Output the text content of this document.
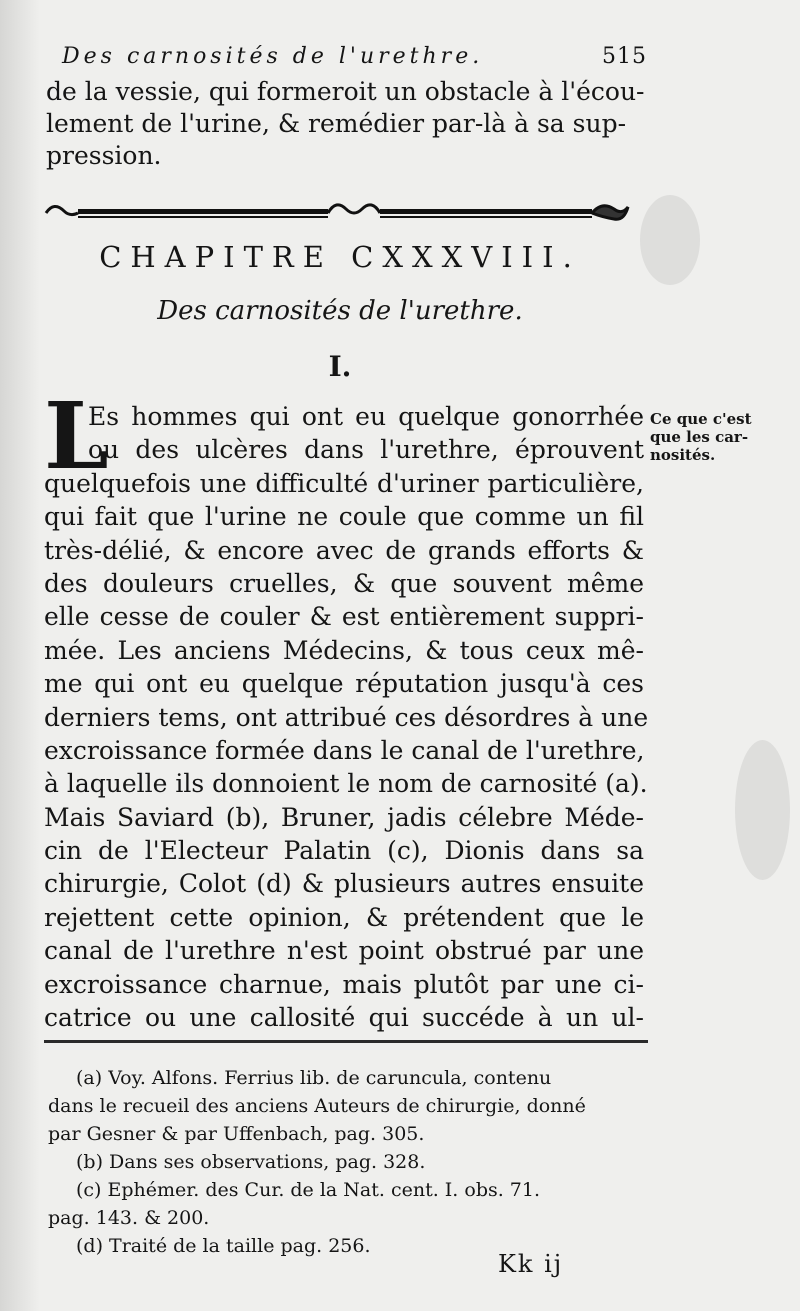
Des carnosités de l'urethre.	515
de la vessie, qui formeroit un obstacle à l'écou-
lement de l'urine, & remédier par-là à sa sup-
pression.
CHAPITRE CXXXVIII.
Des carnosités de l'urethre.
I.
L
Es hommes qui ont eu quelque gonorrhée
ou des ulcères dans l'urethre, éprouvent
quelquefois une difficulté d'uriner particulière,
qui fait que l'urine ne coule que comme un fil
très-délié, & encore avec de grands efforts &
des douleurs cruelles, & que souvent même
elle cesse de couler & est entièrement suppri-
mée. Les anciens Médecins, & tous ceux mê-
me qui ont eu quelque réputation jusqu'à ces
derniers tems, ont attribué ces désordres à une
excroissance formée dans le canal de l'urethre,
à laquelle ils donnoient le nom de carnosité (a).
Mais Saviard (b), Bruner, jadis célebre Méde-
cin de l'Electeur Palatin (c), Dionis dans sa
chirurgie, Colot (d) & plusieurs autres ensuite
rejettent cette opinion, & prétendent que le
canal de l'urethre n'est point obstrué par une
excroissance charnue, mais plutôt par une ci-
catrice ou une callosité qui succéde à un ul-
Ce que c'est
que les car-
nosités.
(a) Voy. Alfons. Ferrius lib. de caruncula, contenu
dans le recueil des anciens Auteurs de chirurgie, donné
par Gesner & par Uffenbach, pag. 305.
(b) Dans ses observations, pag. 328.
(c) Ephémer. des Cur. de la Nat. cent. I. obs. 71.
pag. 143. & 200.
(d) Traité de la taille pag. 256.
Kk ij
